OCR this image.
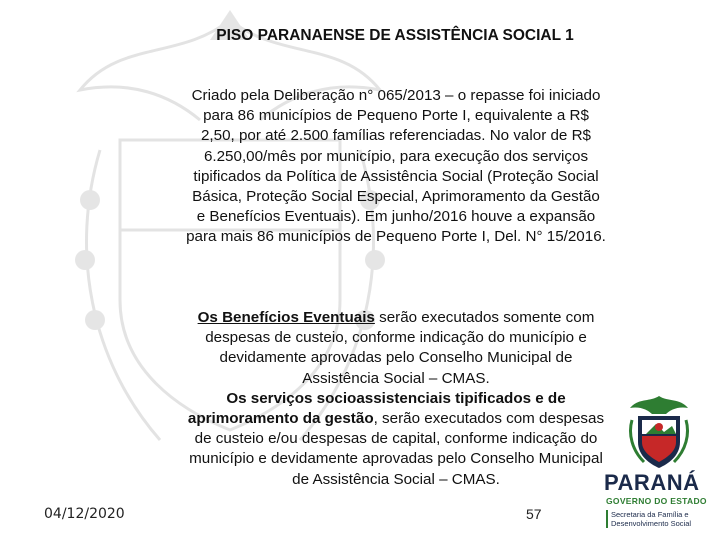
PISO PARANAENSE DE ASSISTÊNCIA SOCIAL 1

Criado pela Deliberação n° 065/2013 – o repasse foi iniciado para 86 municípios de Pequeno Porte I, equivalente a R$ 2,50, por até 2.500 famílias referenciadas. No valor de R$ 6.250,00/mês por município, para execução dos serviços tipificados da Política de Assistência Social (Proteção Social Básica, Proteção Social Especial, Aprimoramento da Gestão e Benefícios Eventuais). Em junho/2016 houve a expansão para mais 86 municípios de Pequeno Porte I, Del. N° 15/2016.

Os Benefícios Eventuais serão executados somente com despesas de custeio, conforme indicação do município e devidamente aprovadas pelo Conselho Municipal de Assistência Social – CMAS.
Os serviços socioassistenciais tipificados e de aprimoramento da gestão, serão executados com despesas de custeio e/ou despesas de capital, conforme indicação do município e devidamente aprovadas pelo Conselho Municipal de Assistência Social – CMAS.

04/12/2020	57
PARANÁ
GOVERNO DO ESTADO
Secretaria da Família e Desenvolvimento Social
